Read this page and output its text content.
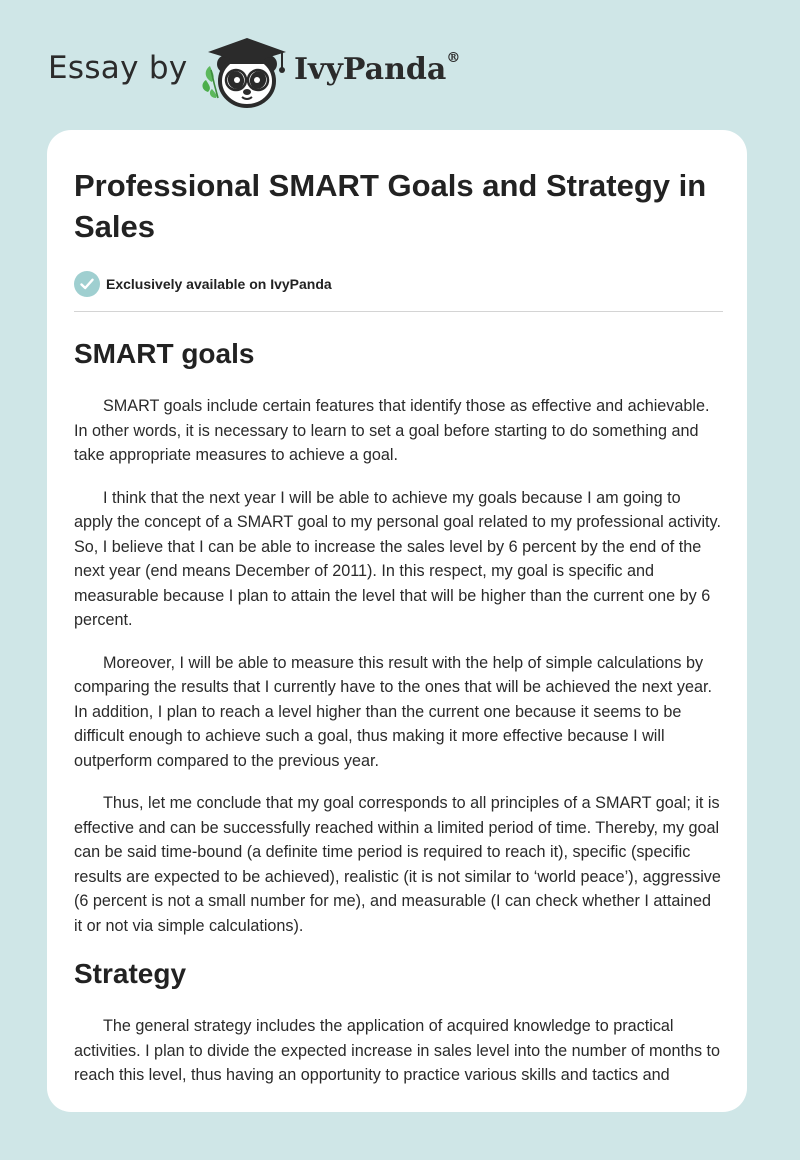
Essay by	IvyPanda®
Professional SMART Goals and Strategy in Sales
Exclusively available on IvyPanda
SMART goals

SMART goals include certain features that identify those as effective and achievable. In other words, it is necessary to learn to set a goal before starting to do something and take appropriate measures to achieve a goal.

I think that the next year I will be able to achieve my goals because I am going to apply the concept of a SMART goal to my personal goal related to my professional activity. So, I believe that I can be able to increase the sales level by 6 percent by the end of the next year (end means December of 2011). In this respect, my goal is specific and measurable because I plan to attain the level that will be higher than the current one by 6 percent.

Moreover, I will be able to measure this result with the help of simple calculations by comparing the results that I currently have to the ones that will be achieved the next year. In addition, I plan to reach a level higher than the current one because it seems to be difficult enough to achieve such a goal, thus making it more effective because I will outperform compared to the previous year.

Thus, let me conclude that my goal corresponds to all principles of a SMART goal; it is effective and can be successfully reached within a limited period of time. Thereby, my goal can be said time-bound (a definite time period is required to reach it), specific (specific results are expected to be achieved), realistic (it is not similar to ‘world peace’), aggressive (6 percent is not a small number for me), and measurable (I can check whether I attained it or not via simple calculations).

Strategy

The general strategy includes the application of acquired knowledge to practical activities. I plan to divide the expected increase in sales level into the number of months to reach this level, thus having an opportunity to practice various skills and tactics and
